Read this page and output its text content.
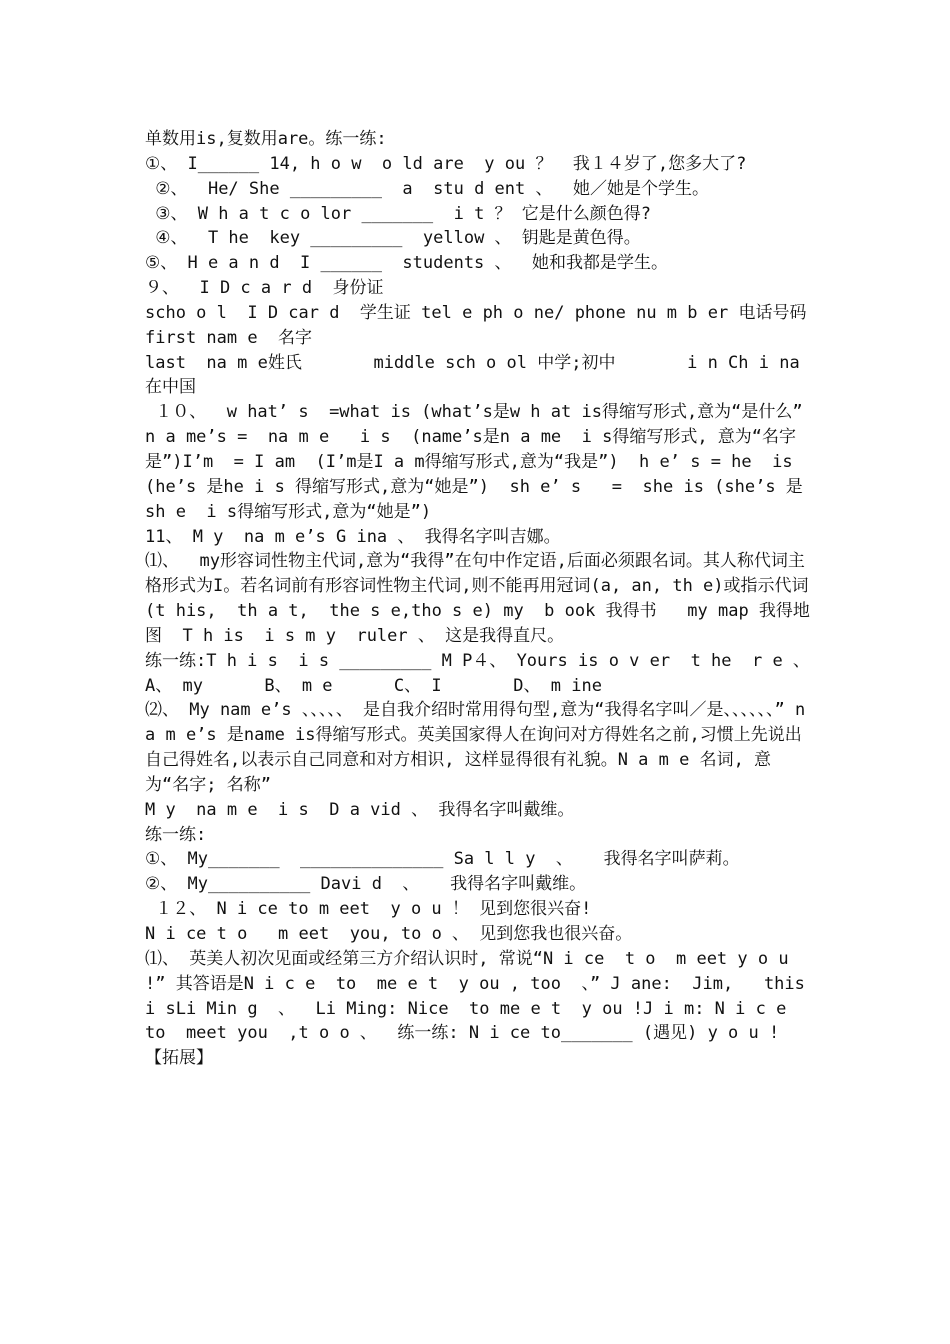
单数用is,复数用are。练一练:

①、 I______ 14, h o w  o ld are  y ou ？  我１４岁了,您多大了?

②、  He/ She _________  a  stu d ent 、  她／她是个学生。

③、 W h a t c o lor _______  i t ？ 它是什么颜色得?

④、  T he  key _________  yellow 、 钥匙是黄色得。

⑤、 H e a n d  I ______  students 、  她和我都是学生。

９、  I D c a r d  身份证

scho o l  I D car d  学生证 tel e ph o ne/ phone nu m b er 电话号码             first nam e  名字

last  na m e姓氏       middle sch o ol 中学;初中       i n Ch i na  在中国

１０、  w hat’ s  =what is (what’s是w h at is得缩写形式,意为“是什么” n a me’s =  na m e   i s  (name’s是n a me  i s得缩写形式, 意为“名字是”)I’m  = I am  (I’m是I a m得缩写形式,意为“我是”)  h e’ s = he  is (he’s 是he i s 得缩写形式,意为“她是”)  sh e’ s   =  she is (she’s 是sh e  i s得缩写形式,意为“她是”)

11、 M y  na m e’s G ina 、 我得名字叫吉娜。

⑴、  my形容词性物主代词,意为“我得”在句中作定语,后面必须跟名词。其人称代词主格形式为I。若名词前有形容词性物主代词,则不能再用冠词(a, an, th e)或指示代词(t his,  th a t,  the s e,tho s e) my  b ook 我得书   my map 我得地图  T h is  i s m y  ruler 、 这是我得直尺。

练一练:T h i s  i s _________ M P４、 Yours is o v er  t he  r e 、 A、 my      B、 m e      C、 I       D、 m ine

⑵、 My nam e’s 、、、、、 是自我介绍时常用得句型,意为“我得名字叫／是、、、、、、” n a m e’s 是name is得缩写形式。英美国家得人在询问对方得姓名之前,习惯上先说出自己得姓名,以表示自己同意和对方相识, 这样显得很有礼貌。N a m e 名词, 意为“名字; 名称”

M y  na m e  i s  D a vid 、 我得名字叫戴维。

练一练:

①、 My_______  ______________ Sa l l y  、   我得名字叫萨莉。

②、 My__________ Davi d  、   我得名字叫戴维。

１２、 N i ce to m eet  y o u ！ 见到您很兴奋!

N i ce t o   m eet  you, to o 、 见到您我也很兴奋。

⑴、 英美人初次见面或经第三方介绍认识时, 常说“N i ce  t o  m eet y o u !” 其答语是N i c e  to  me e t  y ou , too  、” J ane:  Jim,   this  i sLi Min g  、  Li Ming: Nice  to me e t  y ou !J i m: N i c e  to  meet you  ,t o o 、  练一练: N i ce to_______ (遇见) y o u !

【拓展】
